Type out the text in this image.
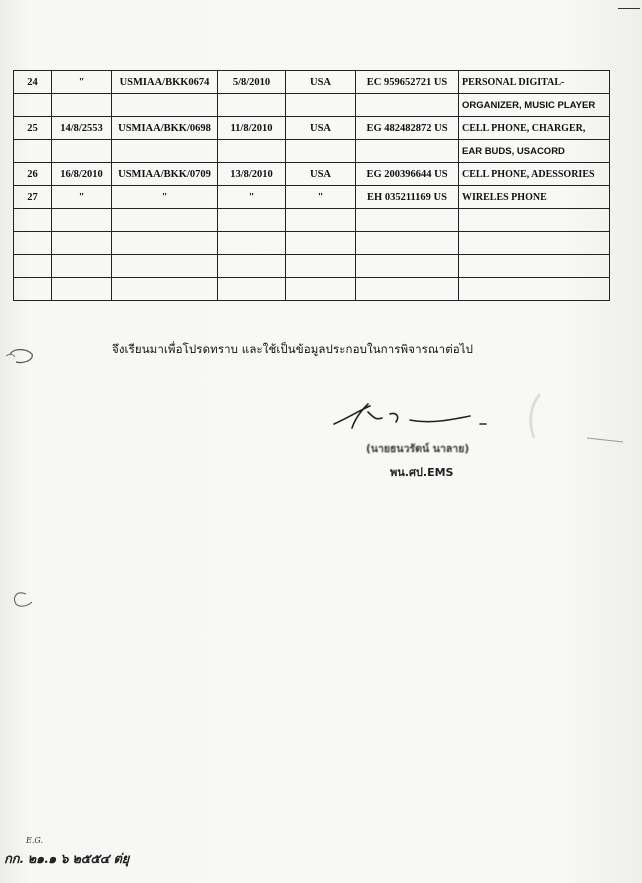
24	"	USMIAA/BKK0674	5/8/2010	USA	EC 959652721 US	PERSONAL DIGITAL-
						ORGANIZER, MUSIC PLAYER
25	14/8/2553	USMIAA/BKK/0698	11/8/2010	USA	EG 482482872 US	CELL PHONE, CHARGER,
						EAR BUDS, USACORD
26	16/8/2010	USMIAA/BKK/0709	13/8/2010	USA	EG 200396644 US	CELL PHONE, ADESSORIES
27	"	"	"	"	EH 035211169 US	WIRELES PHONE

จึงเรียนมาเพื่อโปรดทราบ และใช้เป็นข้อมูลประกอบในการพิจารณาต่อไป
(นายธนวรัตน์ นาลาย)
พน.ศป.EMS
E.G.
กก. ๒๑.๑ ๖ ๒๕๕๔ ต่ยุ
